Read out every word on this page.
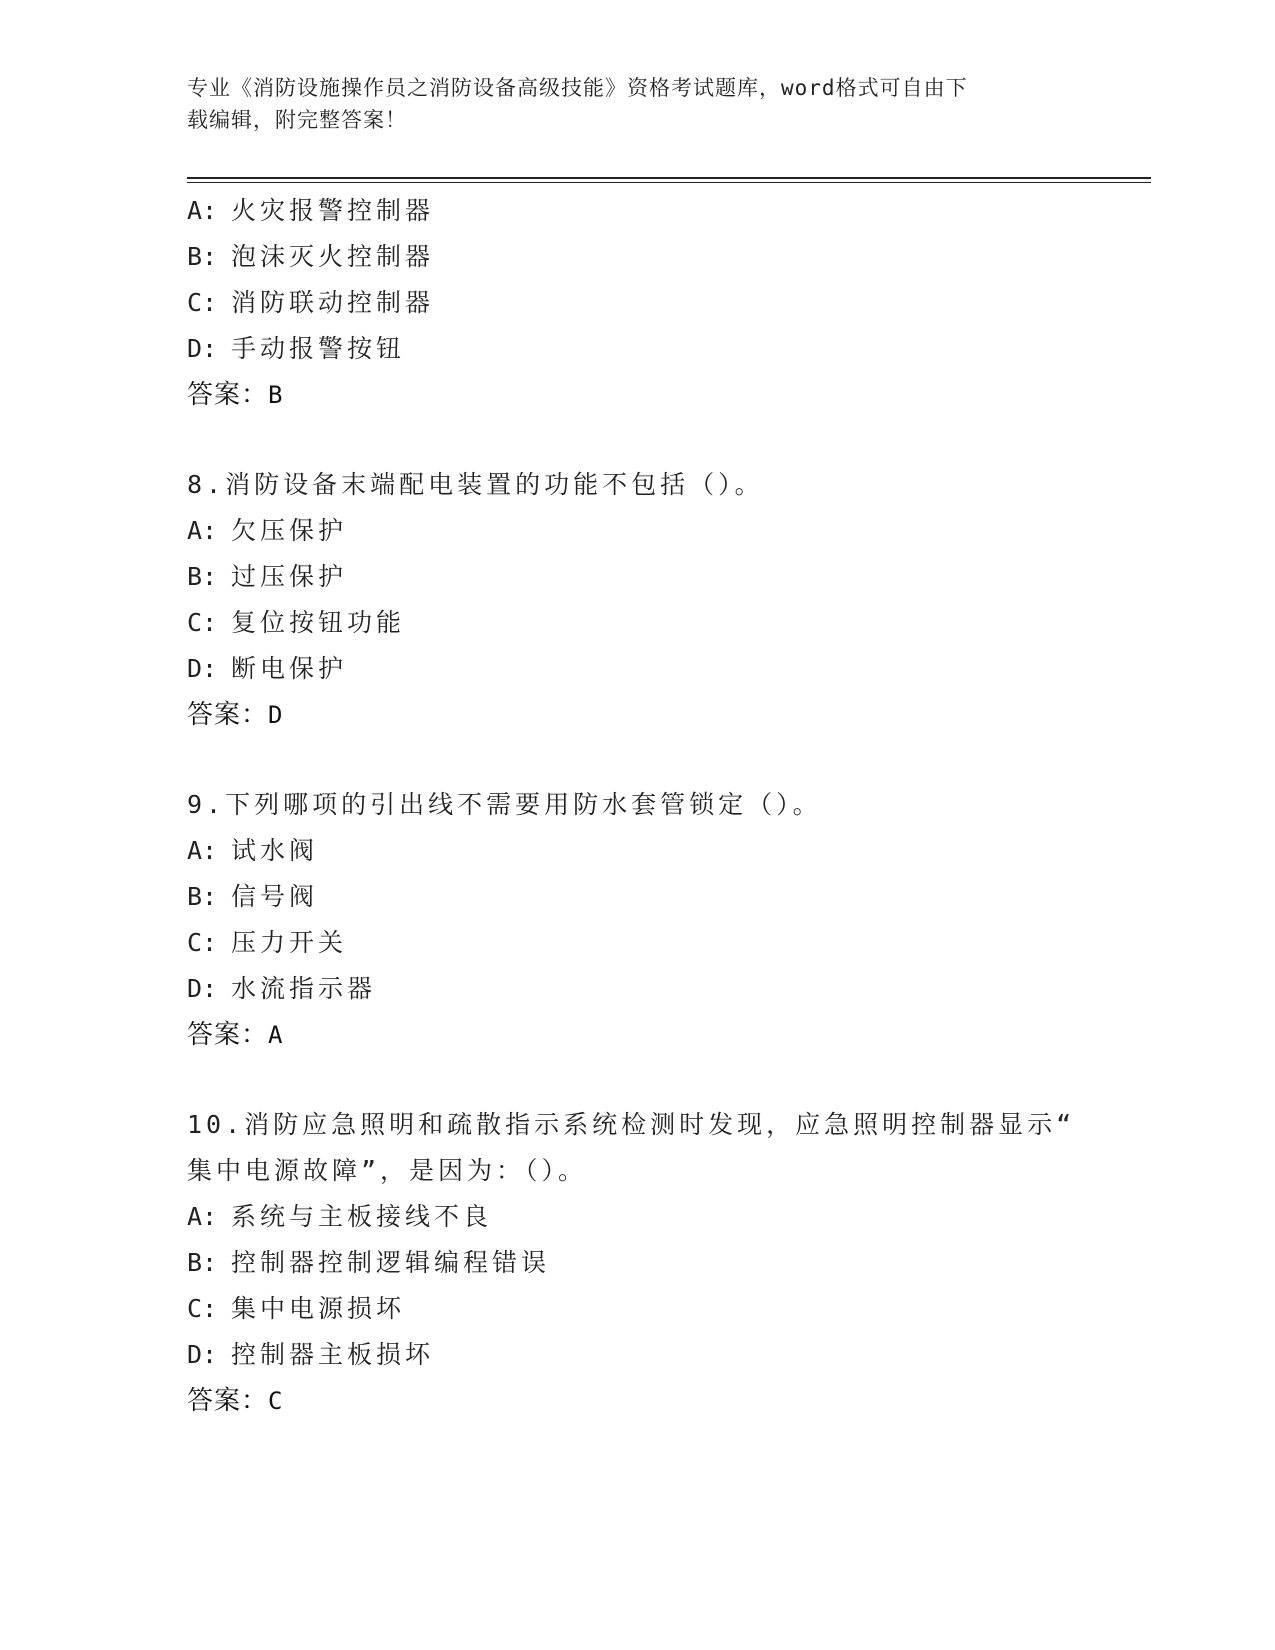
专业《消防设施操作员之消防设备高级技能》资格考试题库，word格式可自由下
载编辑，附完整答案！
A: 火灾报警控制器
B: 泡沫灭火控制器
C: 消防联动控制器
D: 手动报警按钮
答案：B
8.消防设备末端配电装置的功能不包括（）。
A: 欠压保护
B: 过压保护
C: 复位按钮功能
D: 断电保护
答案：D
9.下列哪项的引出线不需要用防水套管锁定（）。
A: 试水阀
B: 信号阀
C: 压力开关
D: 水流指示器
答案：A
10.消防应急照明和疏散指示系统检测时发现，应急照明控制器显示“
集中电源故障”，是因为：（）。
A: 系统与主板接线不良
B: 控制器控制逻辑编程错误
C: 集中电源损坏
D: 控制器主板损坏
答案：C
